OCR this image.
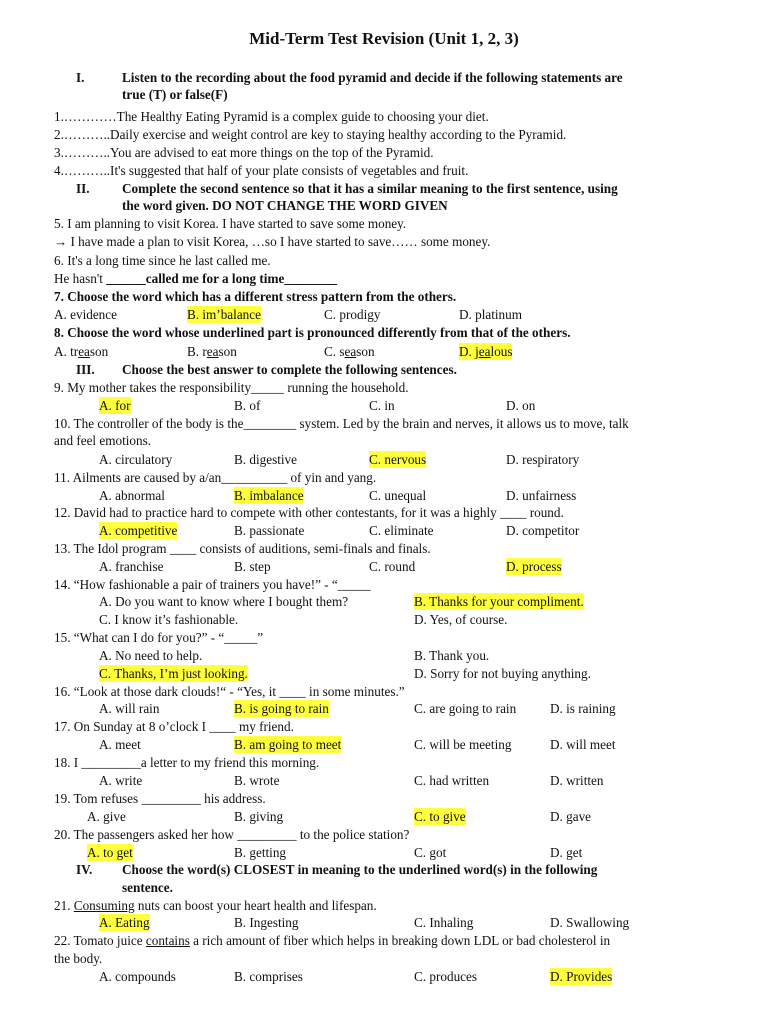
Mid-Term Test Revision (Unit 1, 2, 3)
I.	Listen to the recording about the food pyramid and decide if the following statements are
true (T) or false(F)
1.…………The Healthy Eating Pyramid is a complex guide to choosing your diet.
2.………..Daily exercise and weight control are key to staying healthy according to the Pyramid.
3.………..You are advised to eat more things on the top of the Pyramid.
4.………..It's suggested that half of your plate consists of vegetables and fruit.
II.	Complete the second sentence so that it has a similar meaning to the first sentence, using
the word given. DO NOT CHANGE THE WORD GIVEN
5. I am planning to visit Korea. I have started to save some money.
→ I have made a plan to visit Korea, …so I have started to save…… some money.
6. It's a long time since he last called me.
He hasn't ______called me for a long time________
7. Choose the word which has a different stress pattern from the others.
A. evidence	B. im’balance	C. prodigy	D. platinum
8. Choose the word whose underlined part is pronounced differently from that of the others.
A. treason	B. reason	C. season	D. jealous
III.	Choose the best answer to complete the following sentences.
9. My mother takes the responsibility_____ running the household.
A. for	B. of	C. in	D. on
10. The controller of the body is the________ system. Led by the brain and nerves, it allows us to move, talk
and feel emotions.
A. circulatory	B. digestive	C. nervous	D. respiratory
11. Ailments are caused by a/an__________ of yin and yang.
A. abnormal	B. imbalance	C. unequal	D. unfairness
12. David had to practice hard to compete with other contestants, for it was a highly ____ round.
A. competitive	B. passionate	C. eliminate	D. competitor
13. The Idol program ____ consists of auditions, semi-finals and finals.
A. franchise	B. step	C. round	D. process
14. “How fashionable a pair of trainers you have!” - “_____
A. Do you want to know where I bought them?	B. Thanks for your compliment.
C. I know it’s fashionable.	D. Yes, of course.
15. “What can I do for you?” - “_____”
A. No need to help.	B. Thank you.
C. Thanks, I’m just looking.	D. Sorry for not buying anything.
16. “Look at those dark clouds!“ - “Yes, it ____ in some minutes.”
A. will rain	B. is going to rain	C. are going to rain	D. is raining
17. On Sunday at 8 o’clock I ____ my friend.
A. meet	B. am going to meet	C. will be meeting	D. will meet
18. I _________a letter to my friend this morning.
A. write	B. wrote	C. had written	D. written
19. Tom refuses _________ his address.
A. give	B. giving	C. to give	D. gave
20. The passengers asked her how _________ to the police station?
A. to get	B. getting	C. got	D. get
IV.	Choose the word(s) CLOSEST in meaning to the underlined word(s) in the following
sentence.
21. Consuming nuts can boost your heart health and lifespan.
A. Eating	B. Ingesting	C. Inhaling	D. Swallowing
22. Tomato juice contains a rich amount of fiber which helps in breaking down LDL or bad cholesterol in
the body.
A. compounds	B. comprises	C. produces	D. Provides
